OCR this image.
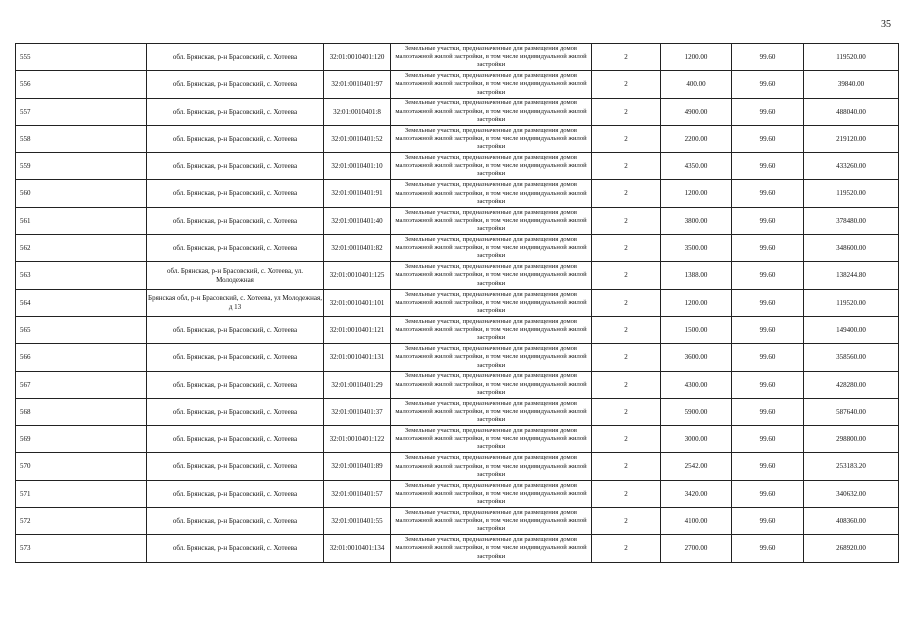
35
555	обл. Брянская, р-н Брасовский, с. Хотеева	32:01:0010401:120	Земельные участки, предназначенные для размещения домов малоэтажной жилой застройки, в том числе индивидуальной жилой застройки	2	1200.00	99.60	119520.00
556	обл. Брянская, р-н Брасовский, с. Хотеева	32:01:0010401:97	Земельные участки, предназначенные для размещения домов малоэтажной жилой застройки, в том числе индивидуальной жилой застройки	2	400.00	99.60	39840.00
557	обл. Брянская, р-н Брасовский, с. Хотеева	32:01:0010401:8	Земельные участки, предназначенные для размещения домов малоэтажной жилой застройки, в том числе индивидуальной жилой застройки	2	4900.00	99.60	488040.00
558	обл. Брянская, р-н Брасовский, с. Хотеева	32:01:0010401:52	Земельные участки, предназначенные для размещения домов малоэтажной жилой застройки, в том числе индивидуальной жилой застройки	2	2200.00	99.60	219120.00
559	обл. Брянская, р-н Брасовский, с. Хотеева	32:01:0010401:10	Земельные участки, предназначенные для размещения домов малоэтажной жилой застройки, в том числе индивидуальной жилой застройки	2	4350.00	99.60	433260.00
560	обл. Брянская, р-н Брасовский, с. Хотеева	32:01:0010401:91	Земельные участки, предназначенные для размещения домов малоэтажной жилой застройки, в том числе индивидуальной жилой застройки	2	1200.00	99.60	119520.00
561	обл. Брянская, р-н Брасовский, с. Хотеева	32:01:0010401:40	Земельные участки, предназначенные для размещения домов малоэтажной жилой застройки, в том числе индивидуальной жилой застройки	2	3800.00	99.60	378480.00
562	обл. Брянская, р-н Брасовский, с. Хотеева	32:01:0010401:82	Земельные участки, предназначенные для размещения домов малоэтажной жилой застройки, в том числе индивидуальной жилой застройки	2	3500.00	99.60	348600.00
563	обл. Брянская, р-н Брасовский, с. Хотеева, ул. Молодежная	32:01:0010401:125	Земельные участки, предназначенные для размещения домов малоэтажной жилой застройки, в том числе индивидуальной жилой застройки	2	1388.00	99.60	138244.80
564	Брянская обл, р-н Брасовский, с. Хотеева, ул Молодежная, д 13	32:01:0010401:101	Земельные участки, предназначенные для размещения домов малоэтажной жилой застройки, в том числе индивидуальной жилой застройки	2	1200.00	99.60	119520.00
565	обл. Брянская, р-н Брасовский, с. Хотеева	32:01:0010401:121	Земельные участки, предназначенные для размещения домов малоэтажной жилой застройки, в том числе индивидуальной жилой застройки	2	1500.00	99.60	149400.00
566	обл. Брянская, р-н Брасовский, с. Хотеева	32:01:0010401:131	Земельные участки, предназначенные для размещения домов малоэтажной жилой застройки, в том числе индивидуальной жилой застройки	2	3600.00	99.60	358560.00
567	обл. Брянская, р-н Брасовский, с. Хотеева	32:01:0010401:29	Земельные участки, предназначенные для размещения домов малоэтажной жилой застройки, в том числе индивидуальной жилой застройки	2	4300.00	99.60	428280.00
568	обл. Брянская, р-н Брасовский, с. Хотеева	32:01:0010401:37	Земельные участки, предназначенные для размещения домов малоэтажной жилой застройки, в том числе индивидуальной жилой застройки	2	5900.00	99.60	587640.00
569	обл. Брянская, р-н Брасовский, с. Хотеева	32:01:0010401:122	Земельные участки, предназначенные для размещения домов малоэтажной жилой застройки, в том числе индивидуальной жилой застройки	2	3000.00	99.60	298800.00
570	обл. Брянская, р-н Брасовский, с. Хотеева	32:01:0010401:89	Земельные участки, предназначенные для размещения домов малоэтажной жилой застройки, в том числе индивидуальной жилой застройки	2	2542.00	99.60	253183.20
571	обл. Брянская, р-н Брасовский, с. Хотеева	32:01:0010401:57	Земельные участки, предназначенные для размещения домов малоэтажной жилой застройки, в том числе индивидуальной жилой застройки	2	3420.00	99.60	340632.00
572	обл. Брянская, р-н Брасовский, с. Хотеева	32:01:0010401:55	Земельные участки, предназначенные для размещения домов малоэтажной жилой застройки, в том числе индивидуальной жилой застройки	2	4100.00	99.60	408360.00
573	обл. Брянская, р-н Брасовский, с. Хотеева	32:01:0010401:134	Земельные участки, предназначенные для размещения домов малоэтажной жилой застройки, в том числе индивидуальной жилой застройки	2	2700.00	99.60	268920.00
